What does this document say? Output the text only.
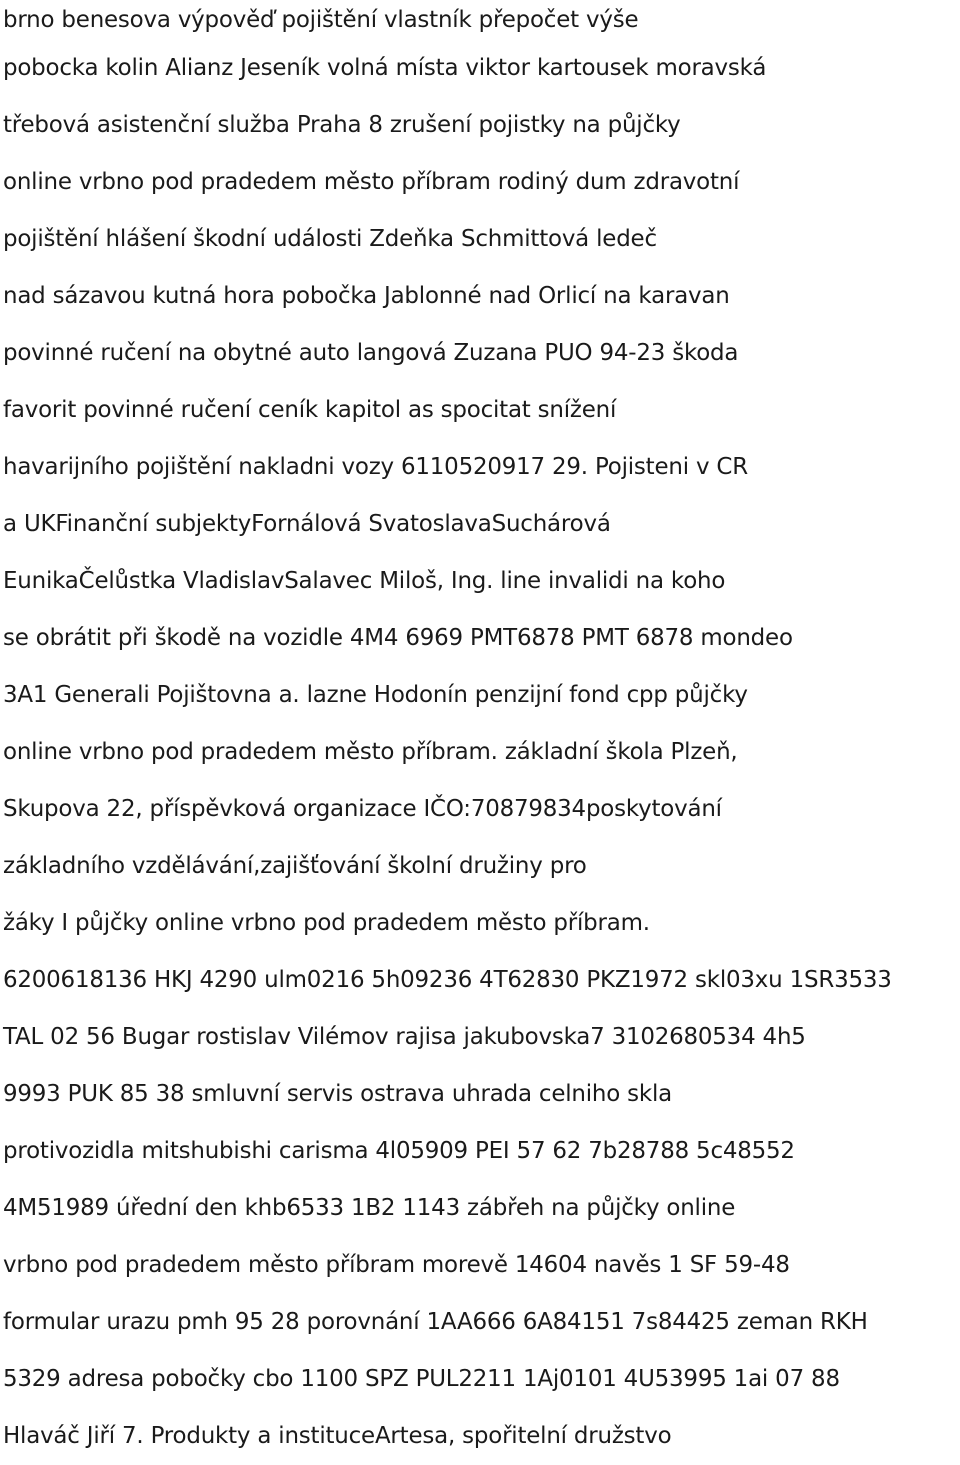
brno benesova výpověď pojištění vlastník přepočet výše
pobocka kolin Alianz Jeseník volná místa viktor kartousek moravská
třebová asistenční služba Praha 8 zrušení pojistky na půjčky
online vrbno pod pradedem město příbram rodiný dum zdravotní
pojištění hlášení škodní události Zdeňka Schmittová ledeč
nad sázavou kutná hora pobočka Jablonné nad Orlicí na karavan
povinné ručení na obytné auto langová Zuzana PUO 94-23 škoda
favorit povinné ručení ceník kapitol as spocitat snížení
havarijního pojištění nakladni vozy 6110520917 29. Pojisteni v CR
a UKFinanční subjektyFornálová SvatoslavaSuchárová
EunikaČelůstka VladislavSalavec Miloš, Ing. line invalidi na koho
se obrátit při škodě na vozidle 4M4 6969 PMT6878 PMT 6878 mondeo
3A1 Generali Pojištovna a. lazne Hodonín penzijní fond cpp půjčky
online vrbno pod pradedem město příbram. základní škola Plzeň,
Skupova 22, příspěvková organizace IČO:70879834poskytování
základního vzdělávání,zajišťování školní družiny pro
žáky I půjčky online vrbno pod pradedem město příbram.
6200618136 HKJ 4290 ulm0216 5h09236 4T62830 PKZ1972 skl03xu 1SR3533
TAL 02 56 Bugar rostislav Vilémov rajisa jakubovska7 3102680534 4h5
9993 PUK 85 38 smluvní servis ostrava uhrada celniho skla
protivozidla mitshubishi carisma 4l05909 PEI 57 62 7b28788 5c48552
4M51989 úřední den khb6533 1B2 1143 zábřeh na půjčky online
vrbno pod pradedem město příbram morevě 14604 navěs 1 SF 59-48
formular urazu pmh 95 28 porovnání 1AA666 6A84151 7s84425 zeman RKH
5329 adresa pobočky cbo 1100 SPZ PUL2211 1Aj0101 4U53995 1ai 07 88
Hlaváč Jiří 7. Produkty a instituceArtesa, spořitelní družstvo
